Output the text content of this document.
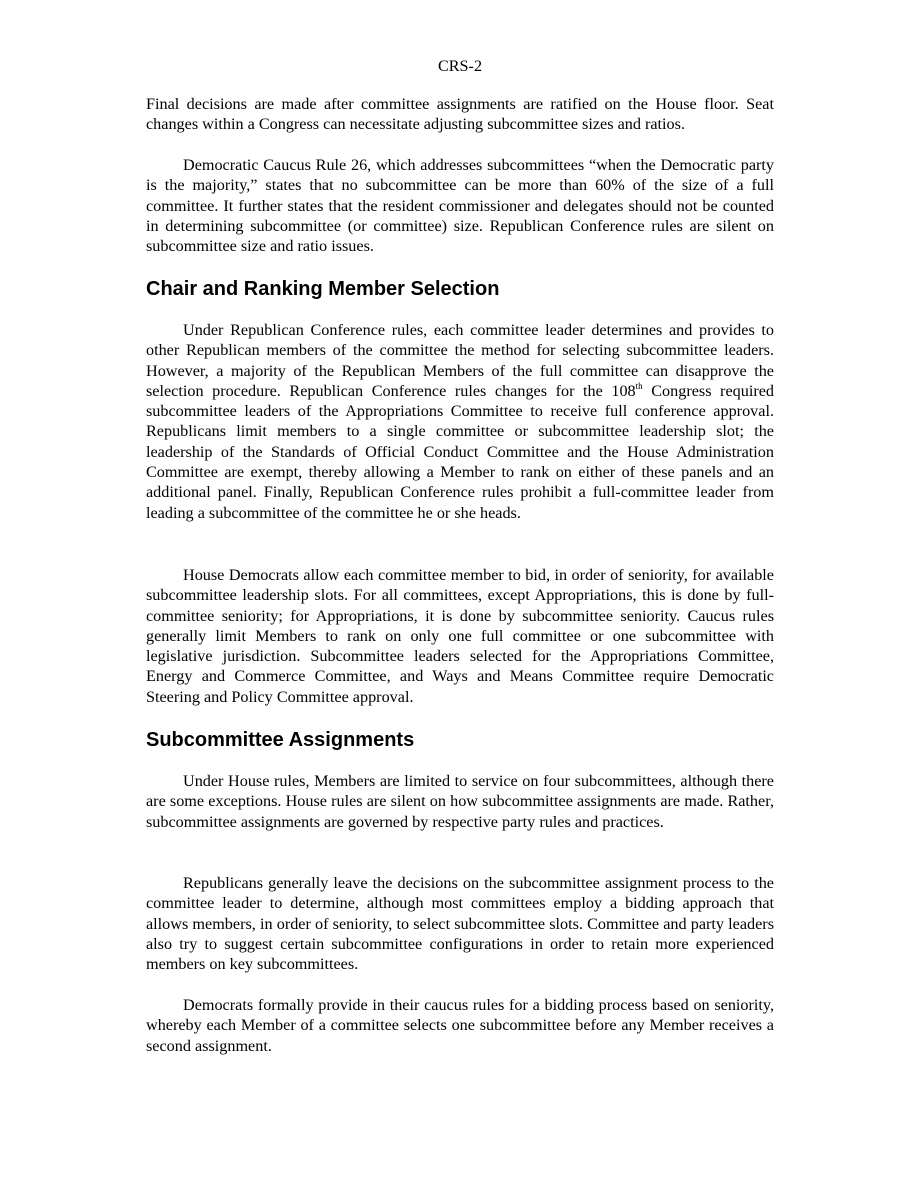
CRS-2

Final decisions are made after committee assignments are ratified on the House floor. Seat changes within a Congress can necessitate adjusting subcommittee sizes and ratios.

Democratic Caucus Rule 26, which addresses subcommittees “when the Democratic party is the majority,” states that no subcommittee can be more than 60% of the size of a full committee. It further states that the resident commissioner and delegates should not be counted in determining subcommittee (or committee) size. Republican Conference rules are silent on subcommittee size and ratio issues.

Chair and Ranking Member Selection

Under Republican Conference rules, each committee leader determines and provides to other Republican members of the committee the method for selecting subcommittee leaders. However, a majority of the Republican Members of the full committee can disapprove the selection procedure. Republican Conference rules changes for the 108th Congress required subcommittee leaders of the Appropriations Committee to receive full conference approval. Republicans limit members to a single committee or subcommittee leadership slot; the leadership of the Standards of Official Conduct Committee and the House Administration Committee are exempt, thereby allowing a Member to rank on either of these panels and an additional panel. Finally, Republican Conference rules prohibit a full-committee leader from leading a subcommittee of the committee he or she heads.

House Democrats allow each committee member to bid, in order of seniority, for available subcommittee leadership slots. For all committees, except Appropriations, this is done by full-committee seniority; for Appropriations, it is done by subcommittee seniority. Caucus rules generally limit Members to rank on only one full committee or one subcommittee with legislative jurisdiction. Subcommittee leaders selected for the Appropriations Committee, Energy and Commerce Committee, and Ways and Means Committee require Democratic Steering and Policy Committee approval.

Subcommittee Assignments

Under House rules, Members are limited to service on four subcommittees, although there are some exceptions. House rules are silent on how subcommittee assignments are made. Rather, subcommittee assignments are governed by respective party rules and practices.

Republicans generally leave the decisions on the subcommittee assignment process to the committee leader to determine, although most committees employ a bidding approach that allows members, in order of seniority, to select subcommittee slots. Committee and party leaders also try to suggest certain subcommittee configurations in order to retain more experienced members on key subcommittees.

Democrats formally provide in their caucus rules for a bidding process based on seniority, whereby each Member of a committee selects one subcommittee before any Member receives a second assignment.
